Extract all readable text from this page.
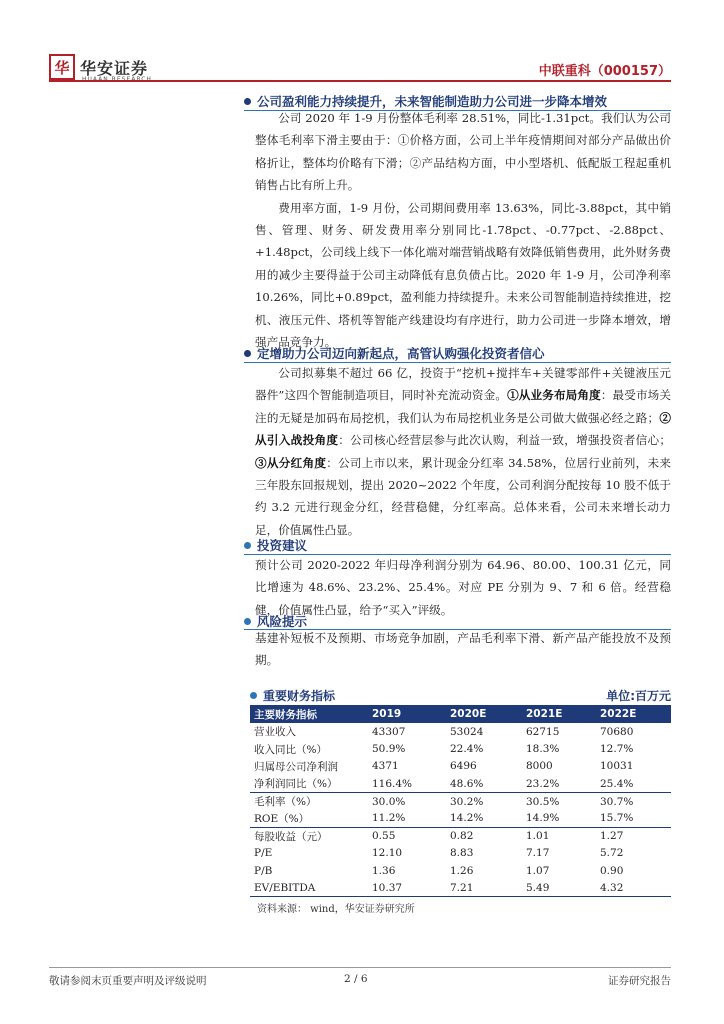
华 华安证券	中联重科（000157）
公司盈利能力持续提升，未来智能制造助力公司进一步降本增效

公司 2020 年 1-9 月份整体毛利率 28.51%，同比-1.31pct。我们认为公司整体毛利率下滑主要由于：①价格方面，公司上半年疫情期间对部分产品做出价格折让，整体均价略有下滑；②产品结构方面，中小型塔机、低配版工程起重机销售占比有所上升。

费用率方面，1-9 月份，公司期间费用率 13.63%，同比-3.88pct，其中销售、管理、财务、研发费用率分别同比-1.78pct、-0.77pct、-2.88pct、+1.48pct，公司线上线下一体化端对端营销战略有效降低销售费用，此外财务费用的减少主要得益于公司主动降低有息负债占比。2020 年 1-9 月，公司净利率 10.26%，同比+0.89pct，盈利能力持续提升。未来公司智能制造持续推进，挖机、液压元件、塔机等智能产线建设均有序进行，助力公司进一步降本增效，增强产品竞争力。

定增助力公司迈向新起点，高管认购强化投资者信心

公司拟募集不超过 66 亿，投资于“挖机+搅拌车+关键零部件+关键液压元器件”这四个智能制造项目，同时补充流动资金。①从业务布局角度：最受市场关注的无疑是加码布局挖机，我们认为布局挖机业务是公司做大做强必经之路；②从引入战投角度：公司核心经营层参与此次认购，利益一致，增强投资者信心；③从分红角度：公司上市以来，累计现金分红率 34.58%，位居行业前列，未来三年股东回报规划，提出 2020~2022 个年度，公司利润分配按每 10 股不低于约 3.2 元进行现金分红，经营稳健，分红率高。总体来看，公司未来增长动力足，价值属性凸显。

投资建议

预计公司 2020-2022 年归母净利润分别为 64.96、80.00、100.31 亿元，同比增速为 48.6%、23.2%、25.4%。对应 PE 分别为 9、7 和 6 倍。经营稳健，价值属性凸显，给予“买入”评级。

风险提示

基建补短板不及预期、市场竞争加剧，产品毛利率下滑、新产品产能投放不及预期。

重要财务指标	单位:百万元
主要财务指标	2019	2020E	2021E	2022E
营业收入	43307	53024	62715	70680
收入同比（%）	50.9%	22.4%	18.3%	12.7%
归属母公司净利润	4371	6496	8000	10031
净利润同比（%）	116.4%	48.6%	23.2%	25.4%
毛利率（%）	30.0%	30.2%	30.5%	30.7%
ROE（%）	11.2%	14.2%	14.9%	15.7%
每股收益（元）	0.55	0.82	1.01	1.27
P/E	12.10	8.83	7.17	5.72
P/B	1.36	1.26	1.07	0.90
EV/EBITDA	10.37	7.21	5.49	4.32
资料来源： wind，华安证券研究所
敬请参阅末页重要声明及评级说明	2 / 6	证券研究报告
